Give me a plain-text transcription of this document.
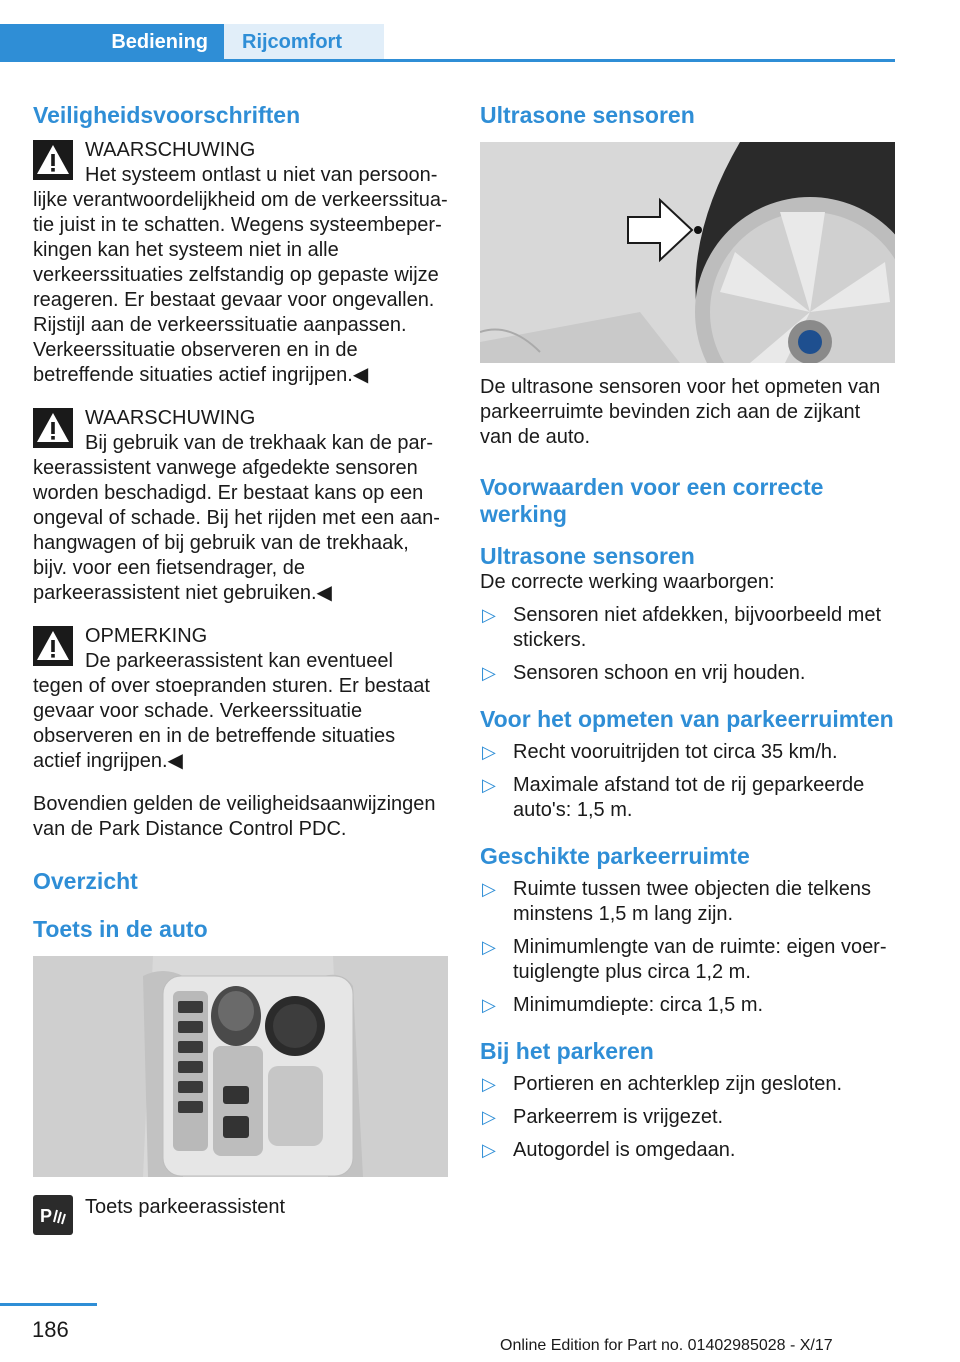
Bediening	Rijcomfort
Veiligheidsvoorschriften
WAARSCHUWING
Het systeem ontlast u niet van persoonlijke verantwoordelijkheid om de verkeerssituatie juist in te schatten. Wegens systeembeperkingen kan het systeem niet in alle verkeerssituaties zelfstandig op gepaste wijze reageren. Er bestaat gevaar voor ongevallen. Rijstijl aan de verkeerssituatie aanpassen. Verkeerssituatie observeren en in de betreffende situaties actief ingrijpen.◀
WAARSCHUWING
Bij gebruik van de trekhaak kan de parkeerassistent vanwege afgedekte sensoren worden beschadigd. Er bestaat kans op een ongeval of schade. Bij het rijden met een aanhangwagen of bij gebruik van de trekhaak, bijv. voor een fietsendrager, de parkeerassistent niet gebruiken.◀
OPMERKING
De parkeerassistent kan eventueel tegen of over stoepranden sturen. Er bestaat gevaar voor schade. Verkeerssituatie observeren en in de betreffende situaties actief ingrijpen.◀

Bovendien gelden de veiligheidsaanwijzingen van de Park Distance Control PDC.

Overzicht
Toets in de auto
P Toets parkeerassistent
Ultrasone sensoren

De ultrasone sensoren voor het opmeten van parkeerruimte bevinden zich aan de zijkant van de auto.

Voorwaarden voor een correcte werking
Ultrasone sensoren

De correcte werking waarborgen:

▷ Sensoren niet afdekken, bijvoorbeeld met stickers.
▷ Sensoren schoon en vrij houden.
Voor het opmeten van parkeerruimten
▷ Recht vooruitrijden tot circa 35 km/h.
▷ Maximale afstand tot de rij geparkeerde auto's: 1,5 m.
Geschikte parkeerruimte
▷ Ruimte tussen twee objecten die telkens minstens 1,5 m lang zijn.
▷ Minimumlengte van de ruimte: eigen voertuiglengte plus circa 1,2 m.
▷ Minimumdiepte: circa 1,5 m.
Bij het parkeren
▷ Portieren en achterklep zijn gesloten.
▷ Parkeerrem is vrijgezet.
▷ Autogordel is omgedaan.
186
Online Edition for Part no. 01402985028 - X/17
